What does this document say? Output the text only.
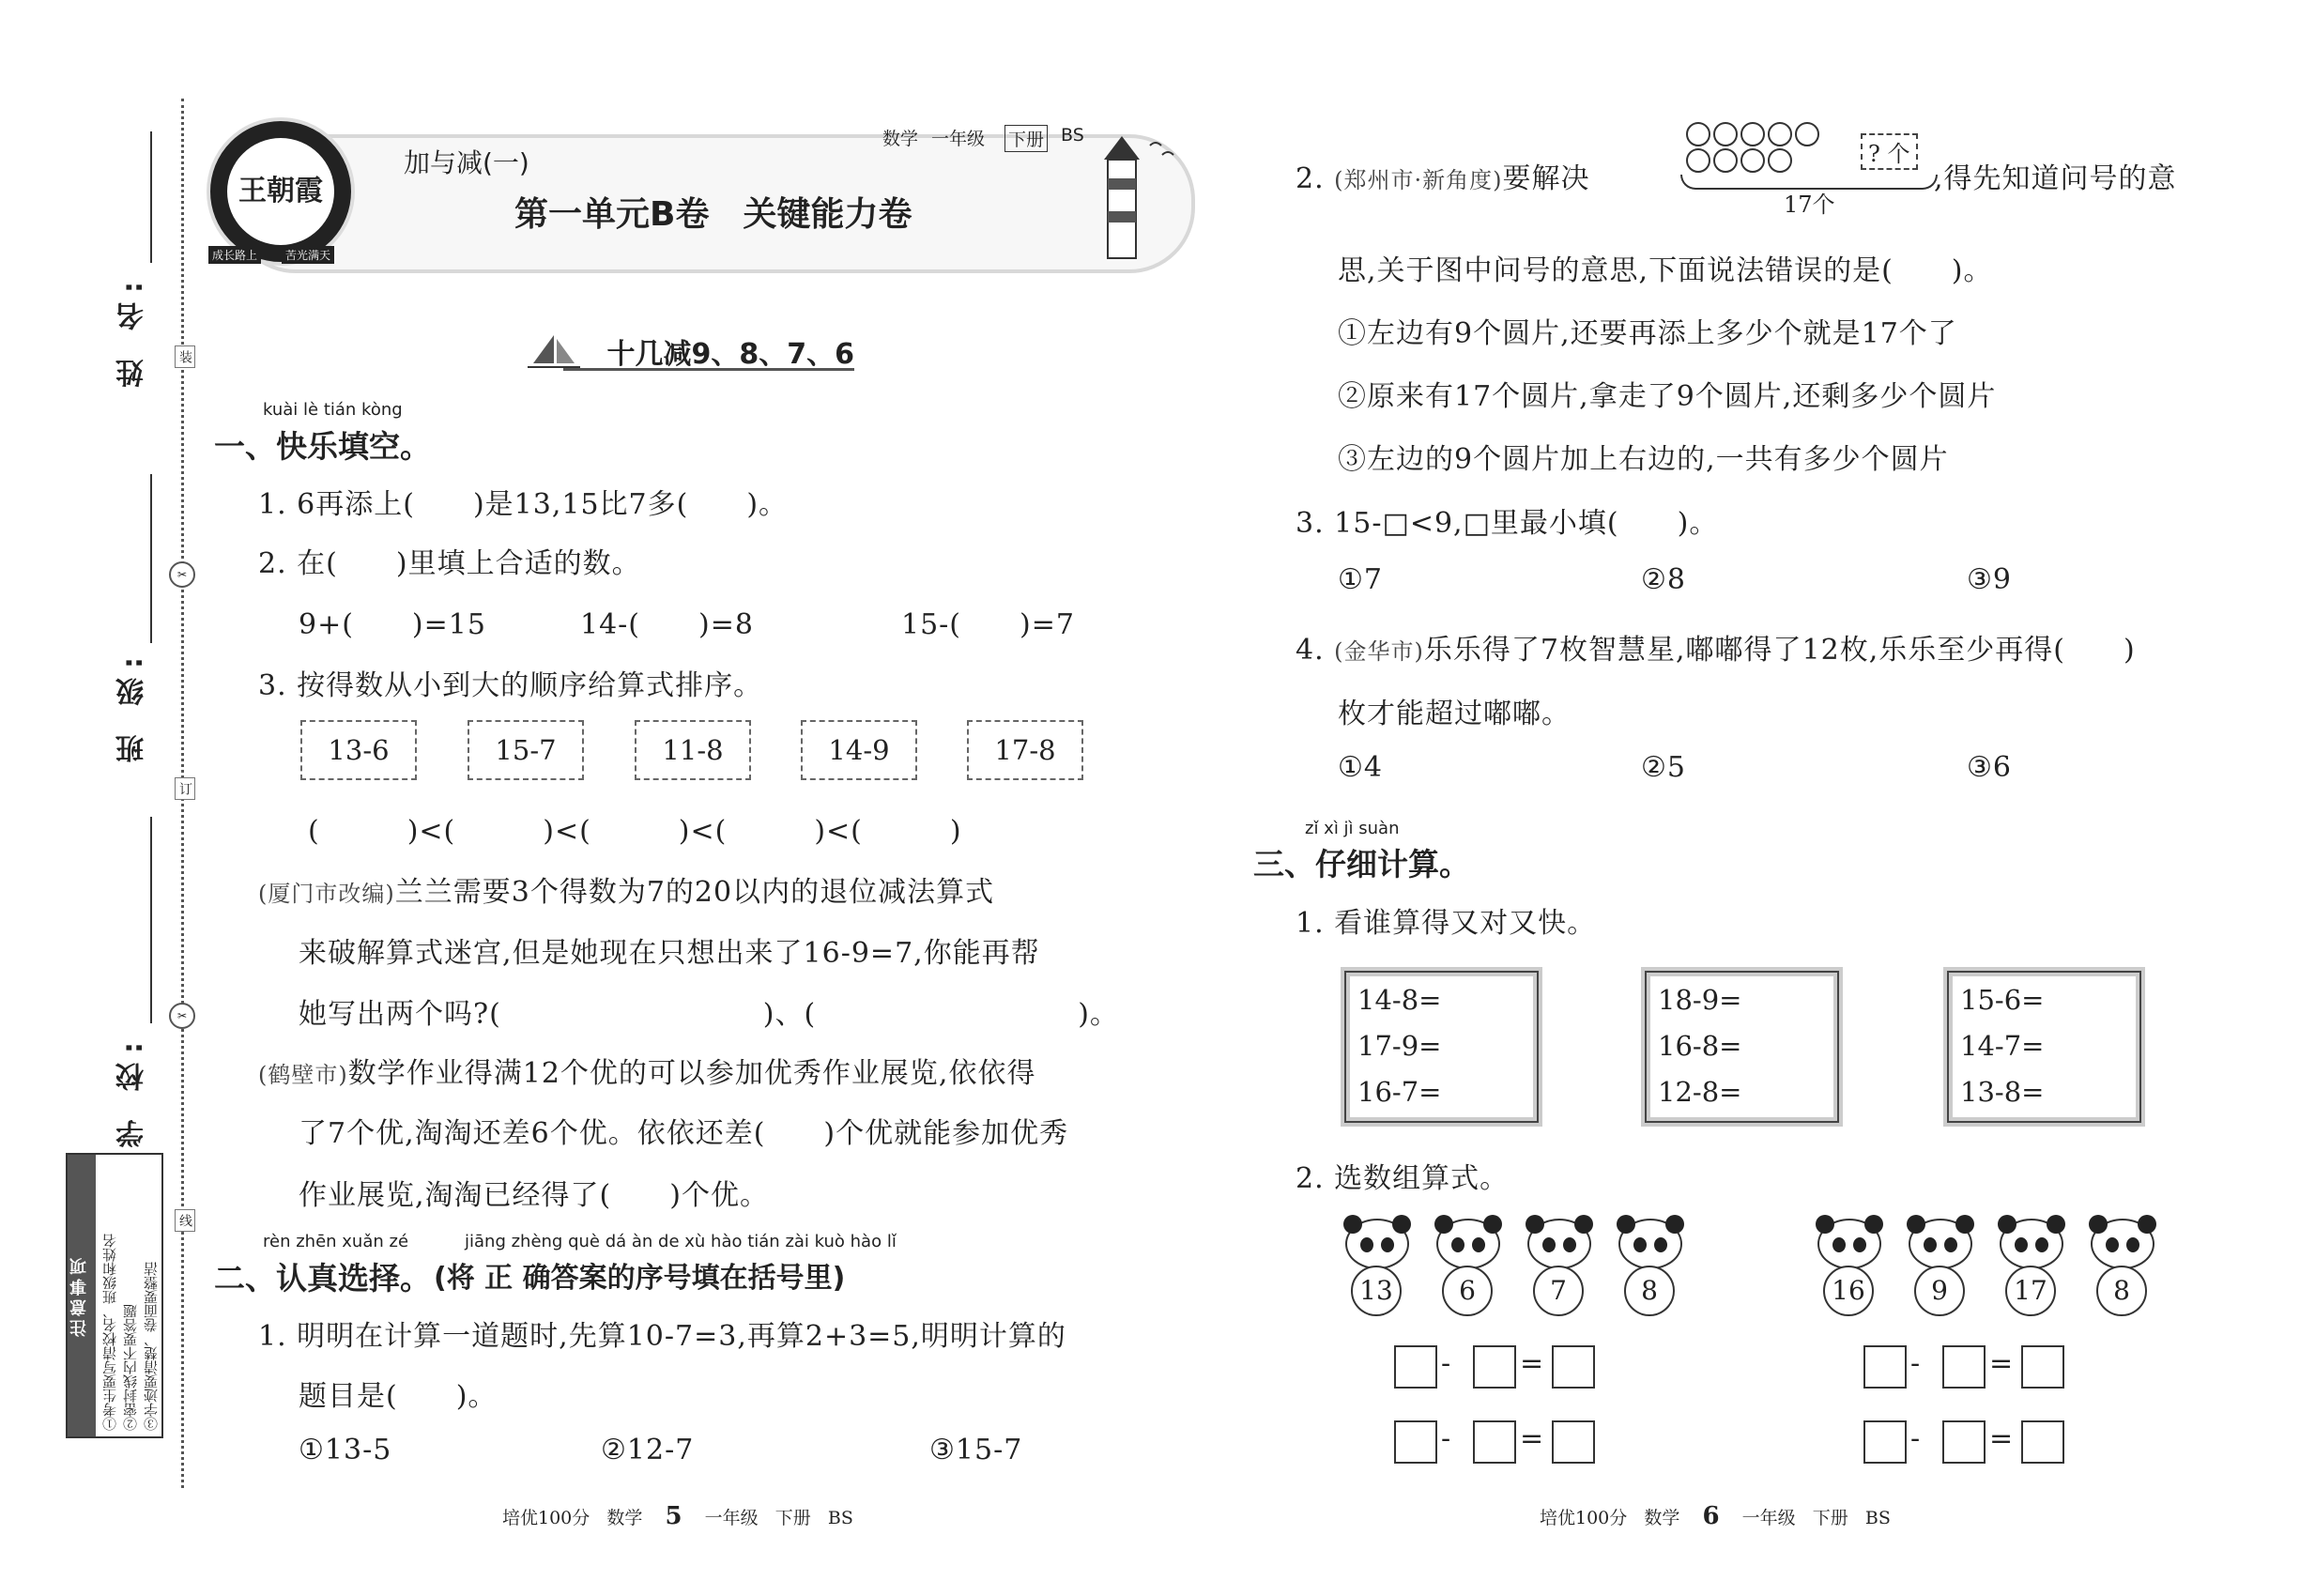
姓 名:
班 级:
学 校:
装
✂
订
✂
线
注意事项 ①考生要写清校名、班级和姓名 ②密封线内不要答题 ③字迹要清楚、卷面要整洁
王朝霞
成长路上	苦光满天
加与减(一)
第一单元B卷　关键能力卷
数学 一年级 下册 BS
十几减9、8、7、6
kuài lè tián kòng
一、快乐填空。
1. 6再添上(　　)是13,15比7多(　　)。
2. 在(　　)里填上合适的数。
9+(　　)=15	14-(　　)=8	15-(　　)=7
3. 按得数从小到大的顺序给算式排序。
13-6	15-7	11-8	14-9	17-8
(　　　)<(　　　)<(　　　)<(　　　)<(　　　)
(厦门市改编)兰兰需要3个得数为7的20以内的退位减法算式
来破解算式迷宫,但是她现在只想出来了16-9=7,你能再帮
她写出两个吗?(　　　　　　　　　)、(　　　　　　　　　)。
(鹤壁市)数学作业得满12个优的可以参加优秀作业展览,依依得
了7个优,淘淘还差6个优。依依还差(　　)个优就能参加优秀
作业展览,淘淘已经得了(　　)个优。
rèn zhēn xuǎn zé	jiāng zhèng què dá àn de xù hào tián zài kuò hào lǐ
二、认真选择。 (将 正 确答案的序号填在括号里)
1. 明明在计算一道题时,先算10-7=3,再算2+3=5,明明计算的
题目是(　　)。
①13-5	②12-7	③15-7
培优100分 数学 5 一年级 下册 BS
2. (郑州市·新角度)要解决
? 个
17个
,得先知道问号的意
思,关于图中问号的意思,下面说法错误的是(　　)。
①左边有9个圆片,还要再添上多少个就是17个了
②原来有17个圆片,拿走了9个圆片,还剩多少个圆片
③左边的9个圆片加上右边的,一共有多少个圆片
3. 15-□<9,□里最小填(　　)。
①7	②8	③9
4. (金华市)乐乐得了7枚智慧星,嘟嘟得了12枚,乐乐至少再得(　　)
枚才能超过嘟嘟。
①4	②5	③6
zǐ xì jì suàn
三、仔细计算。
1. 看谁算得又对又快。
14-8=
17-9=
16-7=
18-9=
16-8=
12-8=
15-6=
14-7=
13-8=
2. 选数组算式。
13	6	7	8	16	9	17	8
- =
- =
- =
- =
培优100分 数学 6 一年级 下册 BS
